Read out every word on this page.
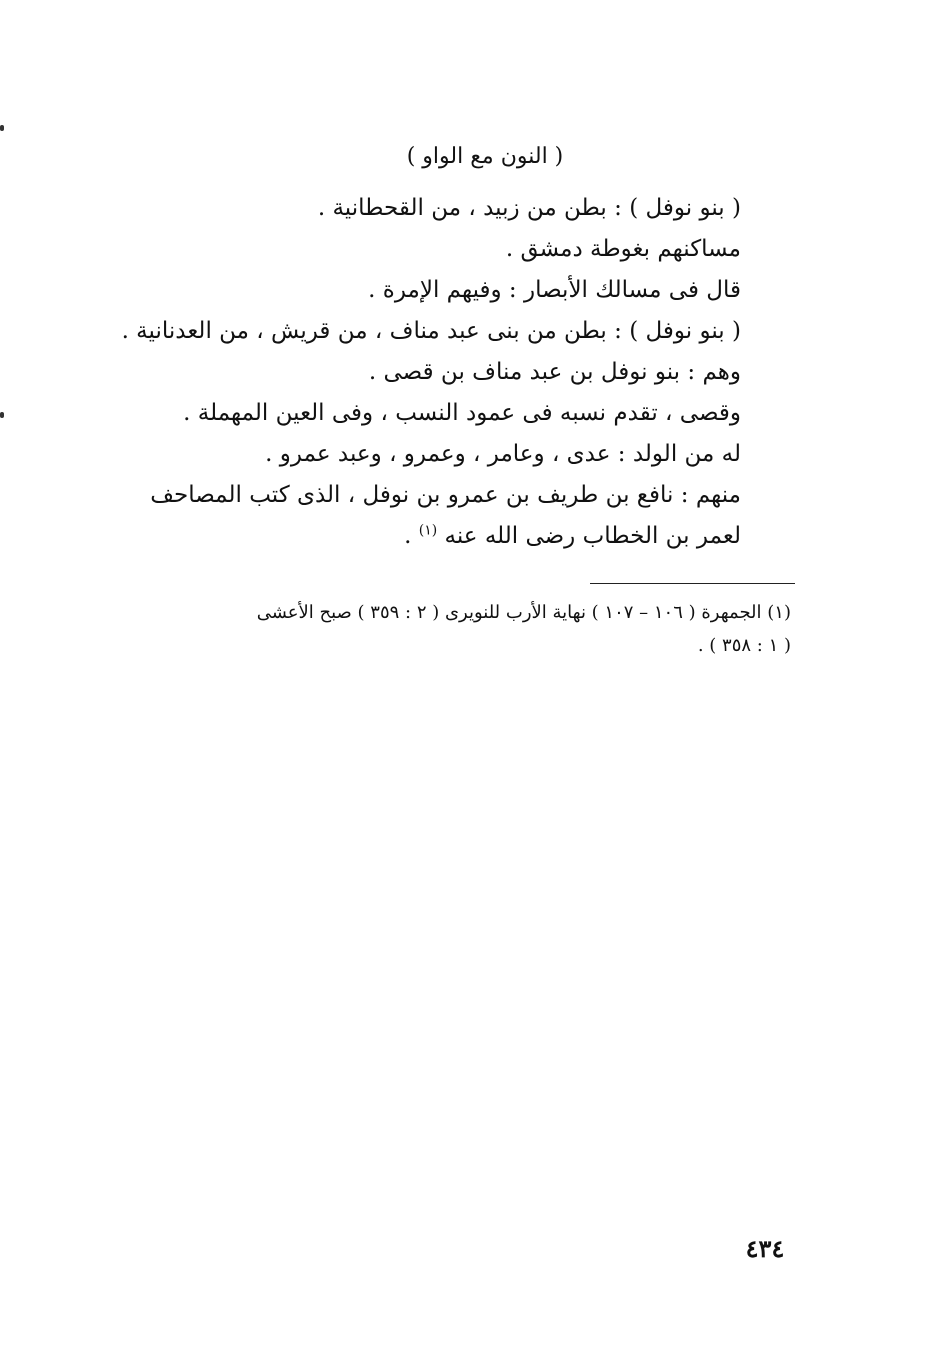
( النون مع الواو )
( بنو نوفل ) : بطن من زبيد ، من القحطانية .
مساكنهم بغوطة دمشق .
قال فى مسالك الأبصار : وفيهم الإمرة .
( بنو نوفل ) : بطن من بنى عبد مناف ، من قريش ، من العدنانية .
وهم : بنو نوفل بن عبد مناف بن قصى .
وقصى ، تقدم نسبه فى عمود النسب ، وفى العين المهملة .
له من الولد : عدى ، وعامر ، وعمرو ، وعبد عمرو .
منهم : نافع بن طريف بن عمرو بن نوفل ، الذى كتب المصاحف
لعمر بن الخطاب رضى الله عنه $^{(١)}$ .
(١) الجمهرة ( ١٠٦ – ١٠٧ ) نهاية الأرب للنويرى ( ٢ : ٣٥٩ ) صبح الأعشى
( ١ : ٣٥٨ ) .
٤٣٤
